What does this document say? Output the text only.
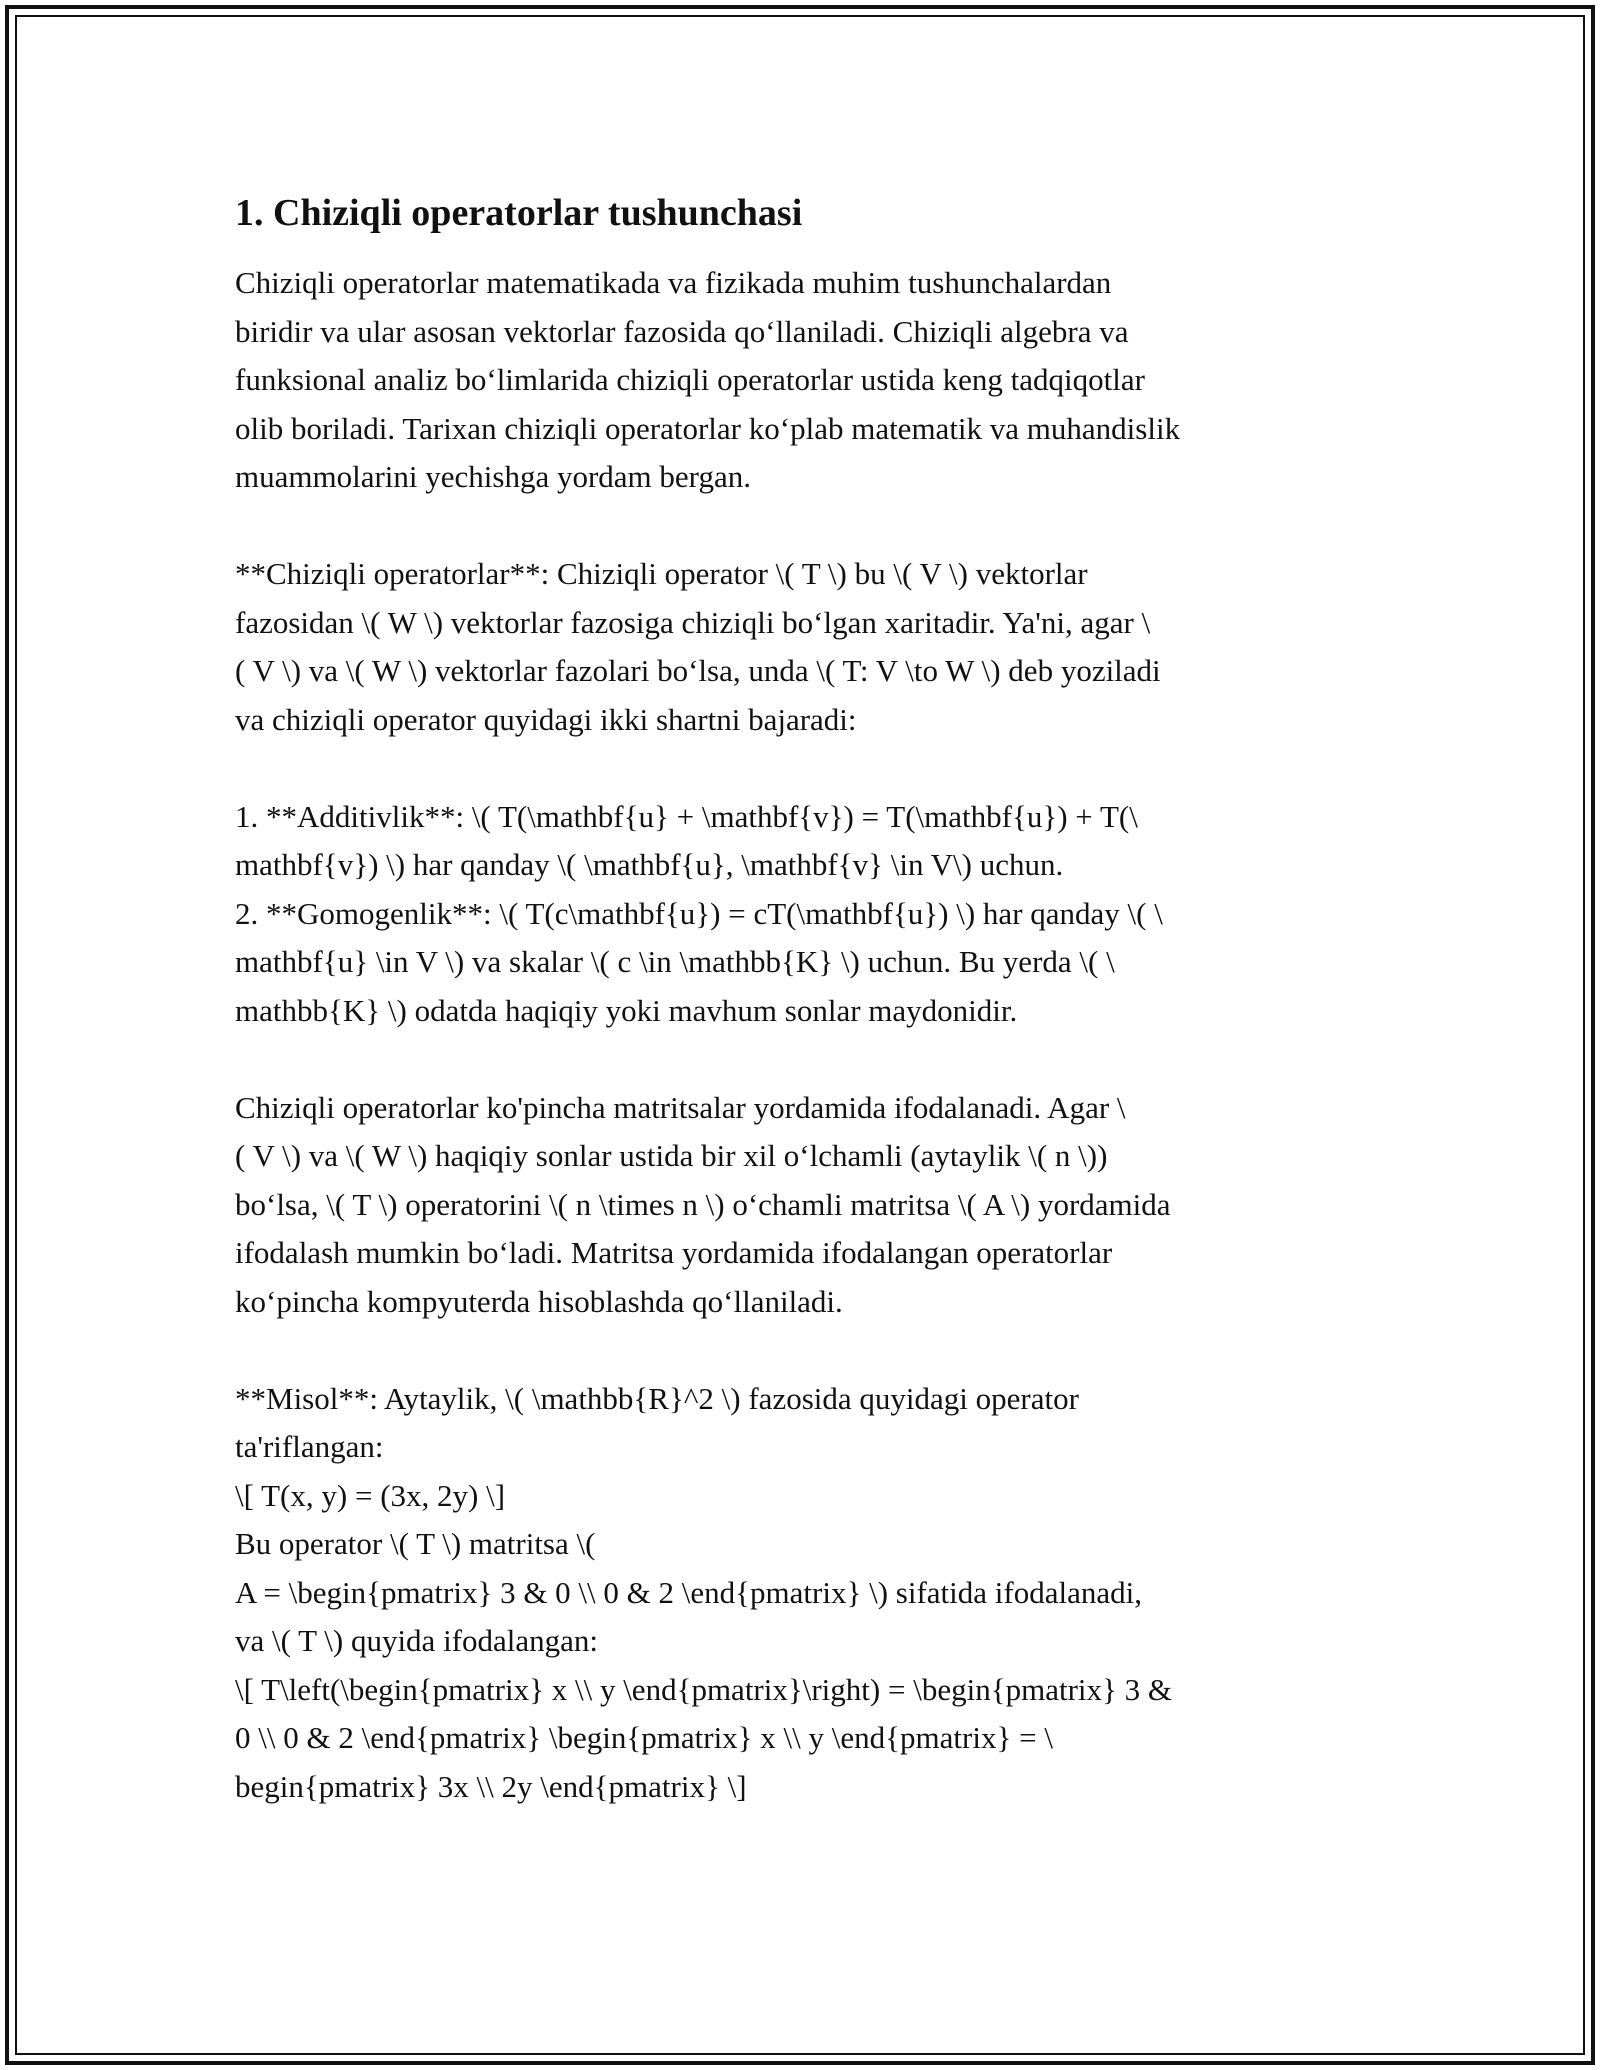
1. Chiziqli operatorlar tushunchasi
Chiziqli operatorlar matematikada va fizikada muhim tushunchalardan
biridir va ular asosan vektorlar fazosida qo‘llaniladi. Chiziqli algebra va
funksional analiz bo‘limlarida chiziqli operatorlar ustida keng tadqiqotlar
olib boriladi. Tarixan chiziqli operatorlar ko‘plab matematik va muhandislik
muammolarini yechishga yordam bergan.
**Chiziqli operatorlar**: Chiziqli operator \( T \) bu \( V \) vektorlar
fazosidan \( W \) vektorlar fazosiga chiziqli bo‘lgan xaritadir. Ya'ni, agar \
( V \) va \( W \) vektorlar fazolari bo‘lsa, unda \( T: V \to W \) deb yoziladi
va chiziqli operator quyidagi ikki shartni bajaradi:
1. **Additivlik**: \( T(\mathbf{u} + \mathbf{v}) = T(\mathbf{u}) + T(\
mathbf{v}) \) har qanday \( \mathbf{u}, \mathbf{v} \in V\) uchun.
2. **Gomogenlik**: \( T(c\mathbf{u}) = cT(\mathbf{u}) \) har qanday \( \
mathbf{u} \in V \) va skalar \( c \in \mathbb{K} \) uchun. Bu yerda \( \
mathbb{K} \) odatda haqiqiy yoki mavhum sonlar maydonidir.
Chiziqli operatorlar ko'pincha matritsalar yordamida ifodalanadi. Agar \
( V \) va \( W \) haqiqiy sonlar ustida bir xil o‘lchamli (aytaylik \( n \))
bo‘lsa, \( T \) operatorini \( n \times n \) o‘chamli matritsa \( A \) yordamida
ifodalash mumkin bo‘ladi. Matritsa yordamida ifodalangan operatorlar
ko‘pincha kompyuterda hisoblashda qo‘llaniladi.
**Misol**: Aytaylik, \( \mathbb{R}^2 \) fazosida quyidagi operator
ta'riflangan:
\[ T(x, y) = (3x, 2y) \]
Bu operator \( T \) matritsa \(
A = \begin{pmatrix} 3 & 0 \\ 0 & 2 \end{pmatrix} \) sifatida ifodalanadi,
va \( T \) quyida ifodalangan:
\[ T\left(\begin{pmatrix} x \\ y \end{pmatrix}\right) = \begin{pmatrix} 3 &
0 \\ 0 & 2 \end{pmatrix} \begin{pmatrix} x \\ y \end{pmatrix} = \
begin{pmatrix} 3x \\ 2y \end{pmatrix} \]
